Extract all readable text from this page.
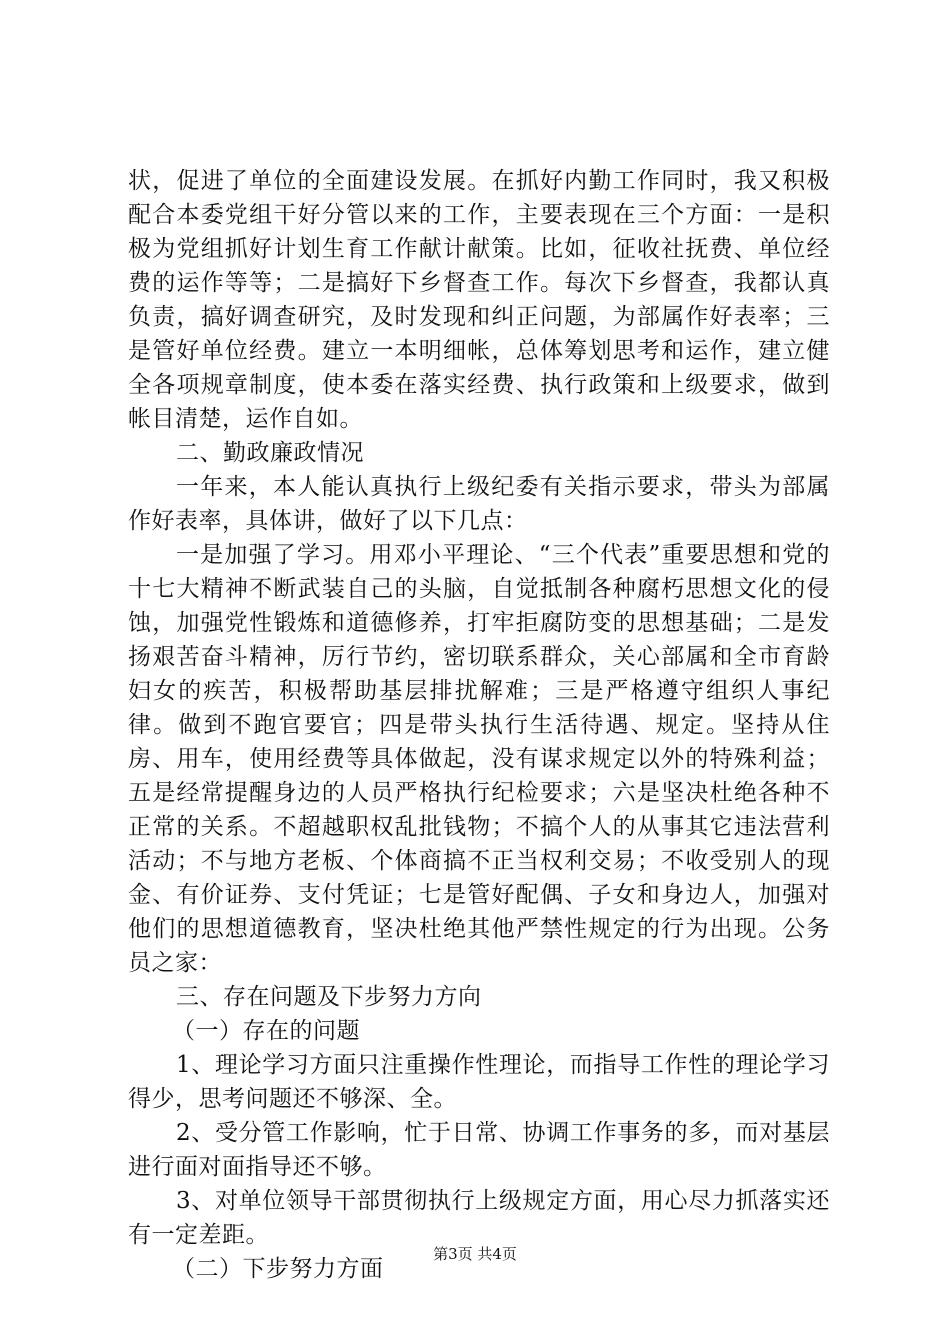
状，促进了单位的全面建设发展。在抓好内勤工作同时，我又积极配合本委党组干好分管以来的工作，主要表现在三个方面：一是积极为党组抓好计划生育工作献计献策。比如，征收社抚费、单位经费的运作等等；二是搞好下乡督查工作。每次下乡督查，我都认真负责，搞好调查研究，及时发现和纠正问题，为部属作好表率；三是管好单位经费。建立一本明细帐，总体筹划思考和运作，建立健全各项规章制度，使本委在落实经费、执行政策和上级要求，做到帐目清楚，运作自如。

二、勤政廉政情况

一年来，本人能认真执行上级纪委有关指示要求，带头为部属作好表率，具体讲，做好了以下几点：

一是加强了学习。用邓小平理论、“三个代表”重要思想和党的十七大精神不断武装自己的头脑，自觉抵制各种腐朽思想文化的侵蚀，加强党性锻炼和道德修养，打牢拒腐防变的思想基础；二是发扬艰苦奋斗精神，厉行节约，密切联系群众，关心部属和全市育龄妇女的疾苦，积极帮助基层排扰解难；三是严格遵守组织人事纪律。做到不跑官要官；四是带头执行生活待遇、规定。坚持从住房、用车，使用经费等具体做起，没有谋求规定以外的特殊利益；五是经常提醒身边的人员严格执行纪检要求；六是坚决杜绝各种不正常的关系。不超越职权乱批钱物；不搞个人的从事其它违法营利活动；不与地方老板、个体商搞不正当权利交易；不收受别人的现金、有价证券、支付凭证；七是管好配偶、子女和身边人，加强对他们的思想道德教育，坚决杜绝其他严禁性规定的行为出现。公务员之家：

三、存在问题及下步努力方向

（一）存在的问题

1、理论学习方面只注重操作性理论，而指导工作性的理论学习得少，思考问题还不够深、全。

2、受分管工作影响，忙于日常、协调工作事务的多，而对基层进行面对面指导还不够。

3、对单位领导干部贯彻执行上级规定方面，用心尽力抓落实还有一定差距。

（二）下步努力方面

第3页 共4页
